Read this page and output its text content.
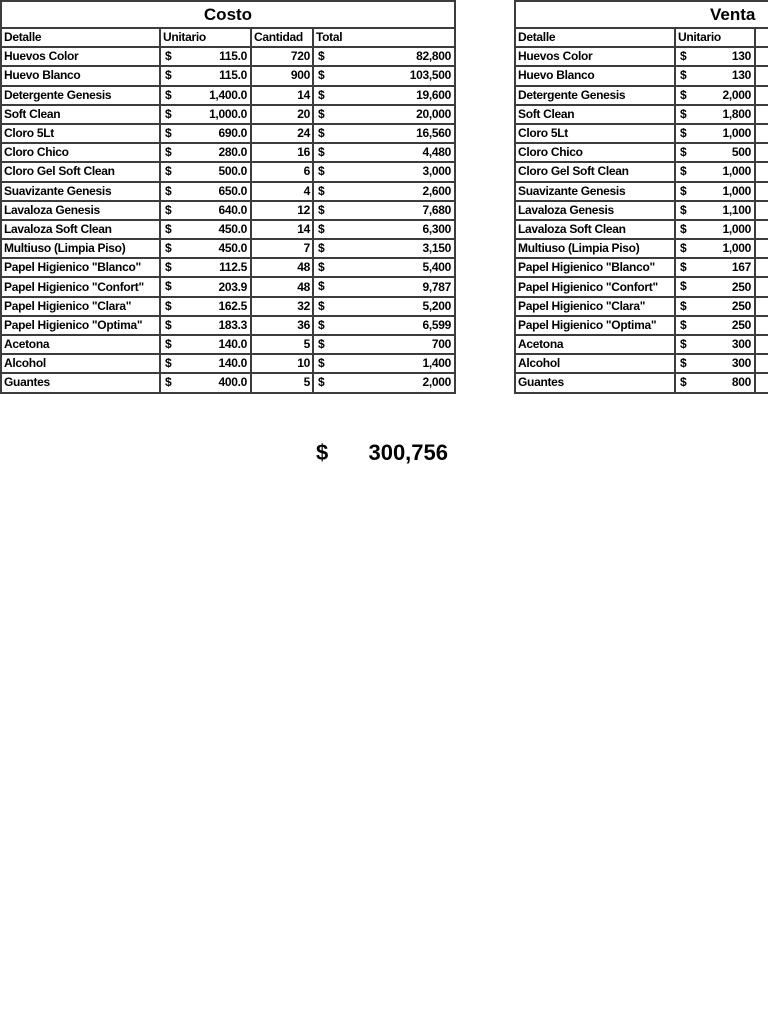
Costo			
Detalle	Unitario	Cantidad	Total
Huevos Color	$ 115.0	720	$ 82,800

Huevo Blanco	$ 115.0	900	$ 103,500

Detergente Genesis	$ 1,400.0	14	$ 19,600

Soft Clean	$ 1,000.0	20	$ 20,000

Cloro 5Lt	$ 690.0	24	$ 16,560

Cloro Chico	$ 280.0	16	$ 4,480

Cloro Gel Soft Clean	$ 500.0	6	$ 3,000

Suavizante Genesis	$ 650.0	4	$ 2,600

Lavaloza Genesis	$ 640.0	12	$ 7,680

Lavaloza Soft Clean	$ 450.0	14	$ 6,300

Multiuso (Limpia Piso)	$ 450.0	7	$ 3,150

Papel Higienico "Blanco"	$ 112.5	48	$ 5,400

Papel Higienico "Confort"	$ 203.9	48	$ 9,787

Papel Higienico "Clara"	$ 162.5	32	$ 5,200

Papel Higienico "Optima"	$ 183.3	36	$ 6,599

Acetona	$ 140.0	5	$ 700

Alcohol	$ 140.0	10	$ 1,400

Guantes	$ 400.0	5	$ 2,000
$ 300,756
Venta		
Detalle	Unitario	
Huevos Color	$ 130	

Huevo Blanco	$ 130	

Detergente Genesis	$ 2,000	

Soft Clean	$ 1,800	

Cloro 5Lt	$ 1,000	

Cloro Chico	$ 500	

Cloro Gel Soft Clean	$ 1,000	

Suavizante Genesis	$ 1,000	

Lavaloza Genesis	$ 1,100	

Lavaloza Soft Clean	$ 1,000	

Multiuso (Limpia Piso)	$ 1,000	

Papel Higienico "Blanco"	$ 167	

Papel Higienico "Confort"	$ 250	

Papel Higienico "Clara"	$ 250	

Papel Higienico "Optima"	$ 250	

Acetona	$ 300	

Alcohol	$ 300	

Guantes	$ 800	
